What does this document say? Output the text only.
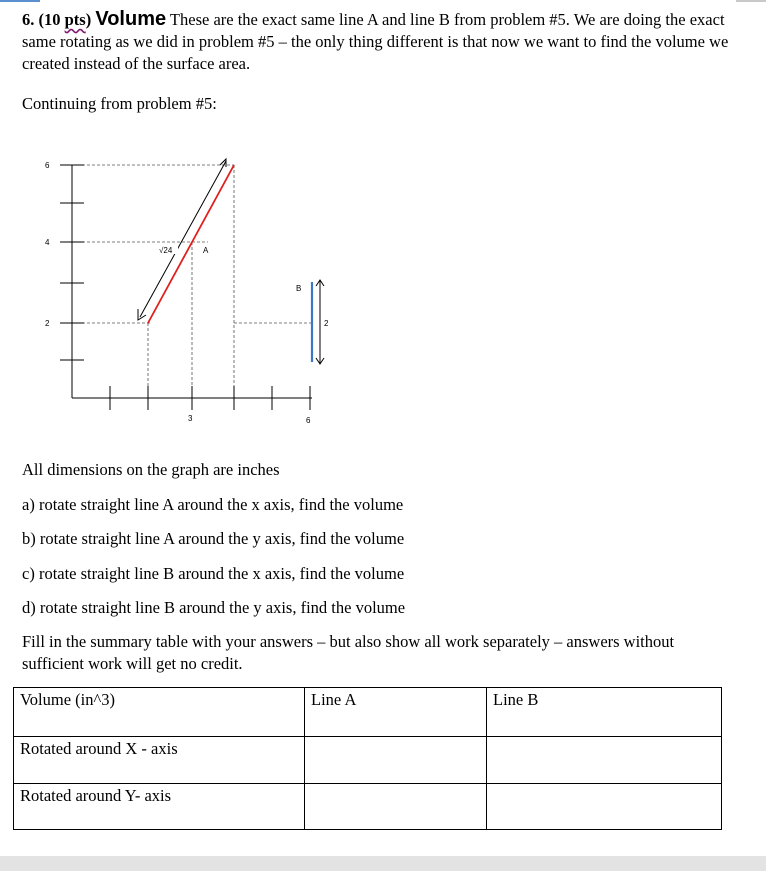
6. (10 pts) Volume These are the exact same line A and line B from problem #5. We are doing the exact same rotating as we did in problem #5 – the only thing different is that now we want to find the volume we created instead of the surface area.
Continuing from problem #5:
6
4
2
3	6
√24	A
B
2
All dimensions on the graph are inches
a) rotate straight line A around the x axis, find the volume
b) rotate straight line A around the y axis, find the volume
c) rotate straight line B around the x axis, find the volume
d) rotate straight line B around the y axis, find the volume
Fill in the summary table with your answers – but also show all work separately – answers without sufficient work will get no credit.
Volume (in^3)	Line A	Line B
Rotated around X - axis		
Rotated around Y- axis		
